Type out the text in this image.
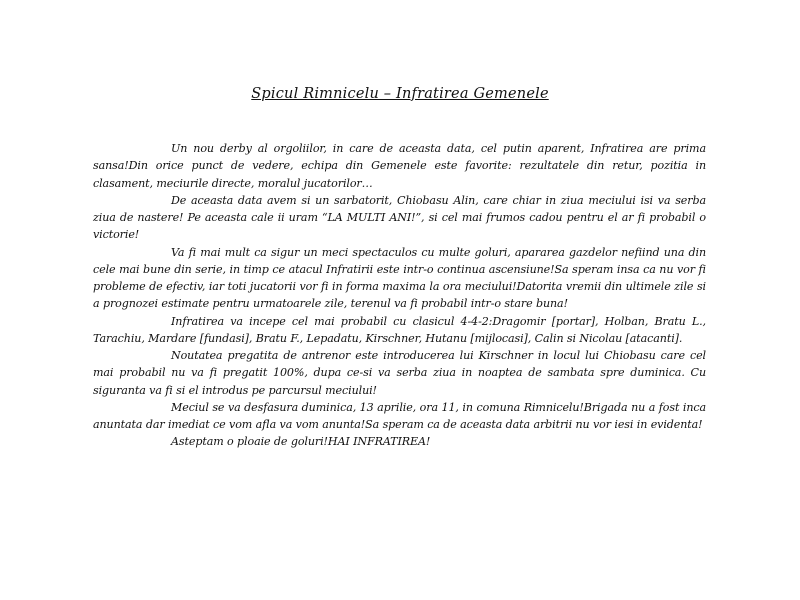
Spicul Rimnicelu – Infratirea Gemenele

Un nou derby al orgoliilor, in care de aceasta data, cel putin aparent, Infratirea are prima sansa!Din orice punct de vedere, echipa din Gemenele este favorite: rezultatele din retur, pozitia in clasament, meciurile directe, moralul jucatorilor…

De aceasta data avem si un sarbatorit, Chiobasu Alin, care chiar in ziua meciului isi va serba ziua de nastere! Pe aceasta cale ii uram “LA MULTI ANI!”, si cel mai frumos cadou pentru el ar fi probabil o victorie!

Va fi mai mult ca sigur un meci spectaculos cu multe goluri, apararea gazdelor nefiind una din cele mai bune din serie, in timp ce atacul Infratirii este intr-o continua ascensiune!Sa speram insa ca nu vor fi probleme de efectiv, iar toti jucatorii vor fi in forma maxima la ora meciului!Datorita vremii din ultimele zile si a prognozei estimate pentru urmatoarele zile, terenul va fi probabil intr-o stare buna!

Infratirea va incepe cel mai probabil cu clasicul 4-4-2:Dragomir [portar], Holban, Bratu L., Tarachiu, Mardare [fundasi], Bratu F., Lepadatu, Kirschner, Hutanu [mijlocasi], Calin si Nicolau [atacanti].

Noutatea pregatita de antrenor este introducerea lui Kirschner in locul lui Chiobasu care cel mai probabil nu va fi pregatit 100%, dupa ce-si va serba ziua in noaptea de sambata spre duminica. Cu siguranta va fi si el introdus pe parcursul meciului!

Meciul se va desfasura duminica, 13 aprilie, ora 11, in comuna Rimnicelu!Brigada nu a fost inca anuntata dar imediat ce vom afla va vom anunta!Sa speram ca de aceasta data arbitrii nu vor iesi in evidenta!

Asteptam o ploaie de goluri!HAI INFRATIREA!
